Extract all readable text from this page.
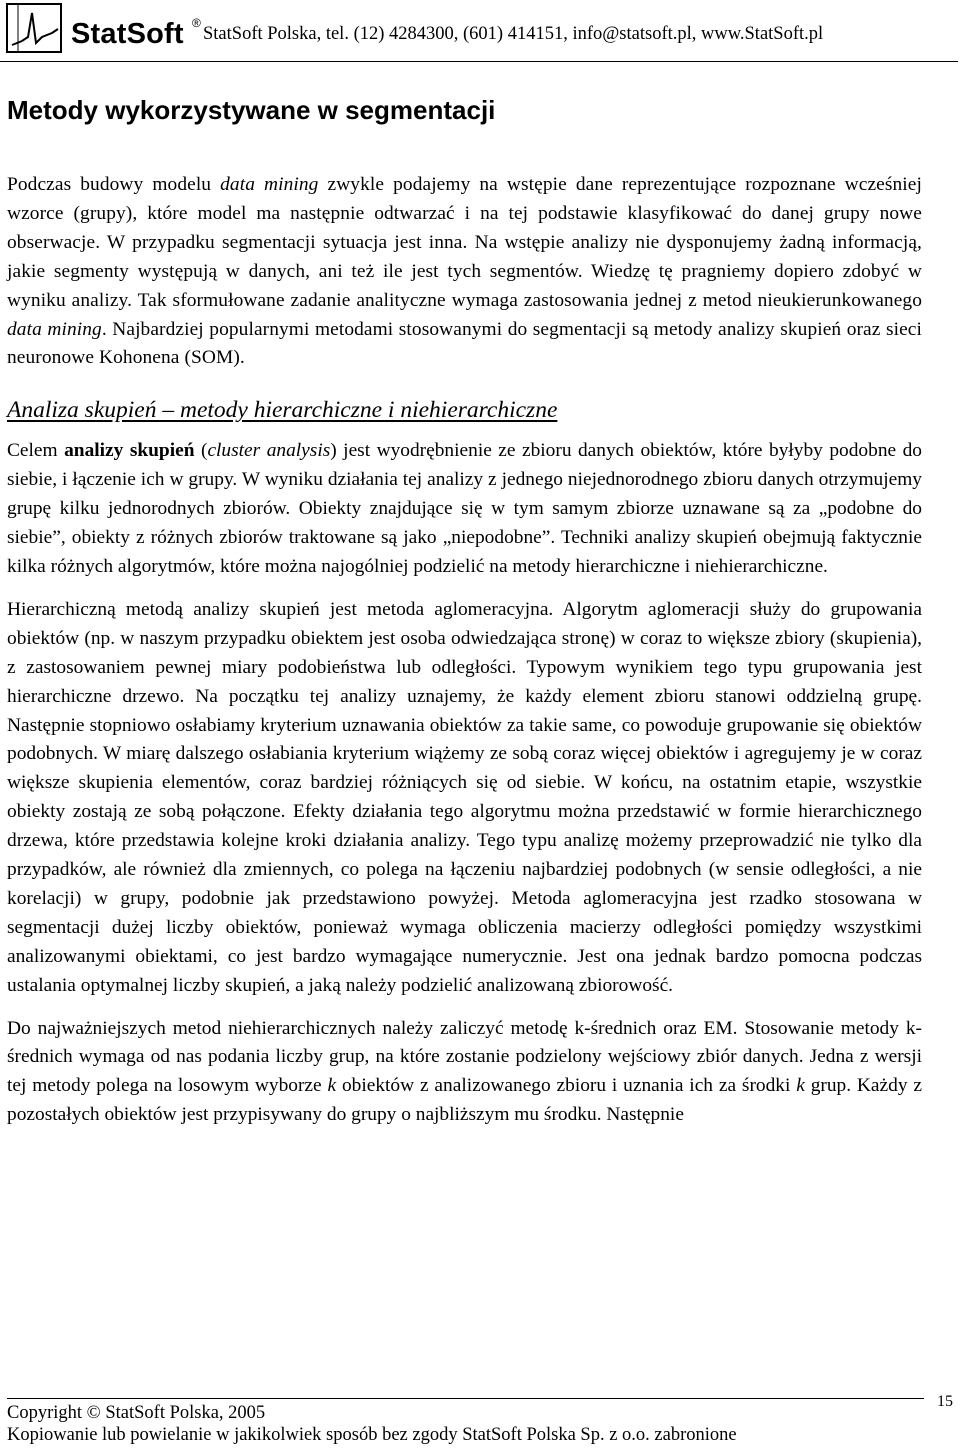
StatSoft ®
StatSoft Polska, tel. (12) 4284300, (601) 414151, info@statsoft.pl, www.StatSoft.pl
Metody wykorzystywane w segmentacji

Podczas budowy modelu data mining zwykle podajemy na wstępie dane reprezentujące rozpoznane wcześniej wzorce (grupy), które model ma następnie odtwarzać i na tej podstawie klasyfikować do danej grupy nowe obserwacje. W przypadku segmentacji sytuacja jest inna. Na wstępie analizy nie dysponujemy żadną informacją, jakie segmenty występują w danych, ani też ile jest tych segmentów. Wiedzę tę pragniemy dopiero zdobyć w wyniku analizy. Tak sformułowane zadanie analityczne wymaga zastosowania jednej z metod nieukierunkowanego data mining. Najbardziej popularnymi metodami stosowanymi do segmentacji są metody analizy skupień oraz sieci neuronowe Kohonena (SOM).

Analiza skupień – metody hierarchiczne i niehierarchiczne

Celem analizy skupień (cluster analysis) jest wyodrębnienie ze zbioru danych obiektów, które byłyby podobne do siebie, i łączenie ich w grupy. W wyniku działania tej analizy z jednego niejednorodnego zbioru danych otrzymujemy grupę kilku jednorodnych zbiorów. Obiekty znajdujące się w tym samym zbiorze uznawane są za „podobne do siebie”, obiekty z różnych zbiorów traktowane są jako „niepodobne”. Techniki analizy skupień obejmują faktycznie kilka różnych algorytmów, które można najogólniej podzielić na metody hierarchiczne i niehierarchiczne.

Hierarchiczną metodą analizy skupień jest metoda aglomeracyjna. Algorytm aglomeracji służy do grupowania obiektów (np. w naszym przypadku obiektem jest osoba odwiedzająca stronę) w coraz to większe zbiory (skupienia), z zastosowaniem pewnej miary podobieństwa lub odległości. Typowym wynikiem tego typu grupowania jest hierarchiczne drzewo. Na początku tej analizy uznajemy, że każdy element zbioru stanowi oddzielną grupę. Następnie stopniowo osłabiamy kryterium uznawania obiektów za takie same, co powoduje grupowanie się obiektów podobnych. W miarę dalszego osłabiania kryterium wiążemy ze sobą coraz więcej obiektów i agregujemy je w coraz większe skupienia elementów, coraz bardziej różniących się od siebie. W końcu, na ostatnim etapie, wszystkie obiekty zostają ze sobą połączone. Efekty działania tego algorytmu można przedstawić w formie hierarchicznego drzewa, które przedstawia kolejne kroki działania analizy. Tego typu analizę możemy przeprowadzić nie tylko dla przypadków, ale również dla zmiennych, co polega na łączeniu najbardziej podobnych (w sensie odległości, a nie korelacji) w grupy, podobnie jak przedstawiono powyżej. Metoda aglomeracyjna jest rzadko stosowana w segmentacji dużej liczby obiektów, ponieważ wymaga obliczenia macierzy odległości pomiędzy wszystkimi analizowanymi obiektami, co jest bardzo wymagające numerycznie. Jest ona jednak bardzo pomocna podczas ustalania optymalnej liczby skupień, a jaką należy podzielić analizowaną zbiorowość.

Do najważniejszych metod niehierarchicznych należy zaliczyć metodę k-średnich oraz EM. Stosowanie metody k-średnich wymaga od nas podania liczby grup, na które zostanie podzielony wejściowy zbiór danych. Jedna z wersji tej metody polega na losowym wyborze k obiektów z analizowanego zbioru i uznania ich za środki k grup. Każdy z pozostałych obiektów jest przypisywany do grupy o najbliższym mu środku. Następnie

Copyright © StatSoft Polska, 2005
Kopiowanie lub powielanie w jakikolwiek sposób bez zgody StatSoft Polska Sp. z o.o. zabronione
15
